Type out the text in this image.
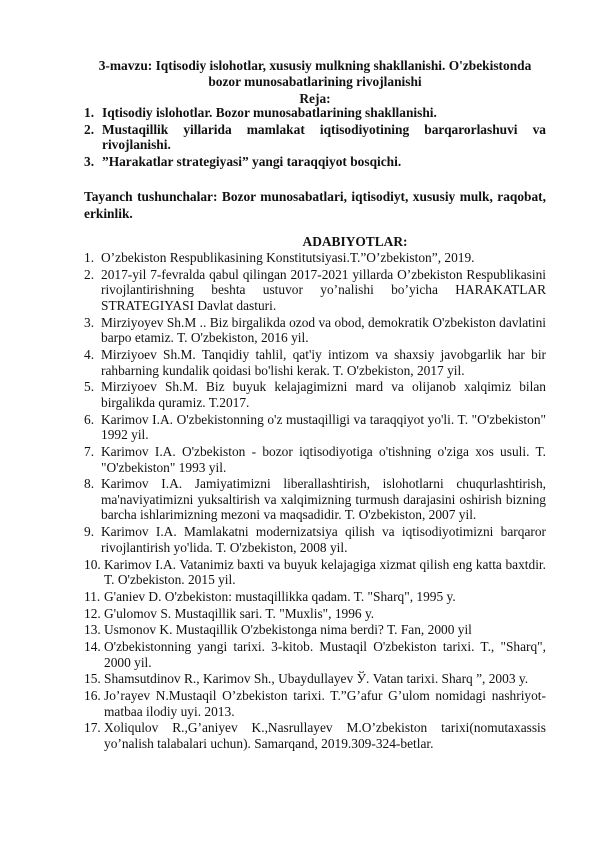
3-mavzu: Iqtisodiy islohotlar, xususiy mulkning shakllanishi. O'zbekistonda bozor munosabatlarining rivojlanishi
Reja:
1. Iqtisodiy islohotlar. Bozor munosabatlarining shakllanishi.
2. Mustaqillik yillarida mamlakat iqtisodiyotining barqarorlashuvi va rivojlanishi.
3. ”Harakatlar strategiyasi” yangi taraqqiyot bosqichi.
Tayanch tushunchalar: Bozor munosabatlari, iqtisodiyt, xususiy mulk, raqobat, erkinlik.
ADABIYOTLAR:
1. O’zbekiston Respublikasining Konstitutsiyasi.T.”O’zbekiston”, 2019.
2. 2017-yil 7-fevralda qabul qilingan 2017-2021 yillarda O’zbekiston Respublikasini rivojlantirishning beshta ustuvor yo’nalishi bo’yicha HARAKATLAR STRATEGIYASI Davlat dasturi.
3. Mirziyoyev Sh.M .. Biz birgalikda ozod va obod, demokratik O'zbekiston davlatini barpo etamiz. T. O'zbekiston, 2016 yil.
4. Mirziyoev Sh.M. Tanqidiy tahlil, qat'iy intizom va shaxsiy javobgarlik har bir rahbarning kundalik qoidasi bo'lishi kerak. T. O'zbekiston, 2017 yil.
5. Mirziyoev Sh.M. Biz buyuk kelajagimizni mard va olijanob xalqimiz bilan birgalikda quramiz. T.2017.
6. Karimov I.A. O'zbekistonning o'z mustaqilligi va taraqqiyot yo'li. T. "O'zbekiston" 1992 yil.
7. Karimov I.A. O'zbekiston - bozor iqtisodiyotiga o'tishning o'ziga xos usuli. T. "O'zbekiston" 1993 yil.
8. Karimov I.A. Jamiyatimizni liberallashtirish, islohotlarni chuqurlashtirish, ma'naviyatimizni yuksaltirish va xalqimizning turmush darajasini oshirish bizning barcha ishlarimizning mezoni va maqsadidir. T. O'zbekiston, 2007 yil.
9. Karimov I.A. Mamlakatni modernizatsiya qilish va iqtisodiyotimizni barqaror rivojlantirish yo'lida. T. O'zbekiston, 2008 yil.
10. Karimov I.A. Vatanimiz baxti va buyuk kelajagiga xizmat qilish eng katta baxtdir. T. O'zbekiston. 2015 yil.
11. G'aniev D. O'zbekiston: mustaqillikka qadam. T. "Sharq", 1995 y.
12. G'ulomov S. Mustaqillik sari. T. "Muxlis", 1996 y.
13. Usmonov K. Mustaqillik O'zbekistonga nima berdi? T. Fan, 2000 yil
14. O'zbekistonning yangi tarixi. 3-kitob. Mustaqil O'zbekiston tarixi. T., "Sharq", 2000 yil.
15. Shamsutdinov R., Karimov Sh., Ubaydullayev Ў. Vatan tarixi. Sharq ”, 2003 y.
16. Jo’rayev N.Mustaqil O’zbekiston tarixi. T.”G’afur G’ulom nomidagi nashriyot-matbaa ilodiy uyi. 2013.
17. Xoliqulov R.,G’aniyev K.,Nasrullayev M.O’zbekiston tarixi(nomutaxassis yo’nalish talabalari uchun). Samarqand, 2019.309-324-betlar.
